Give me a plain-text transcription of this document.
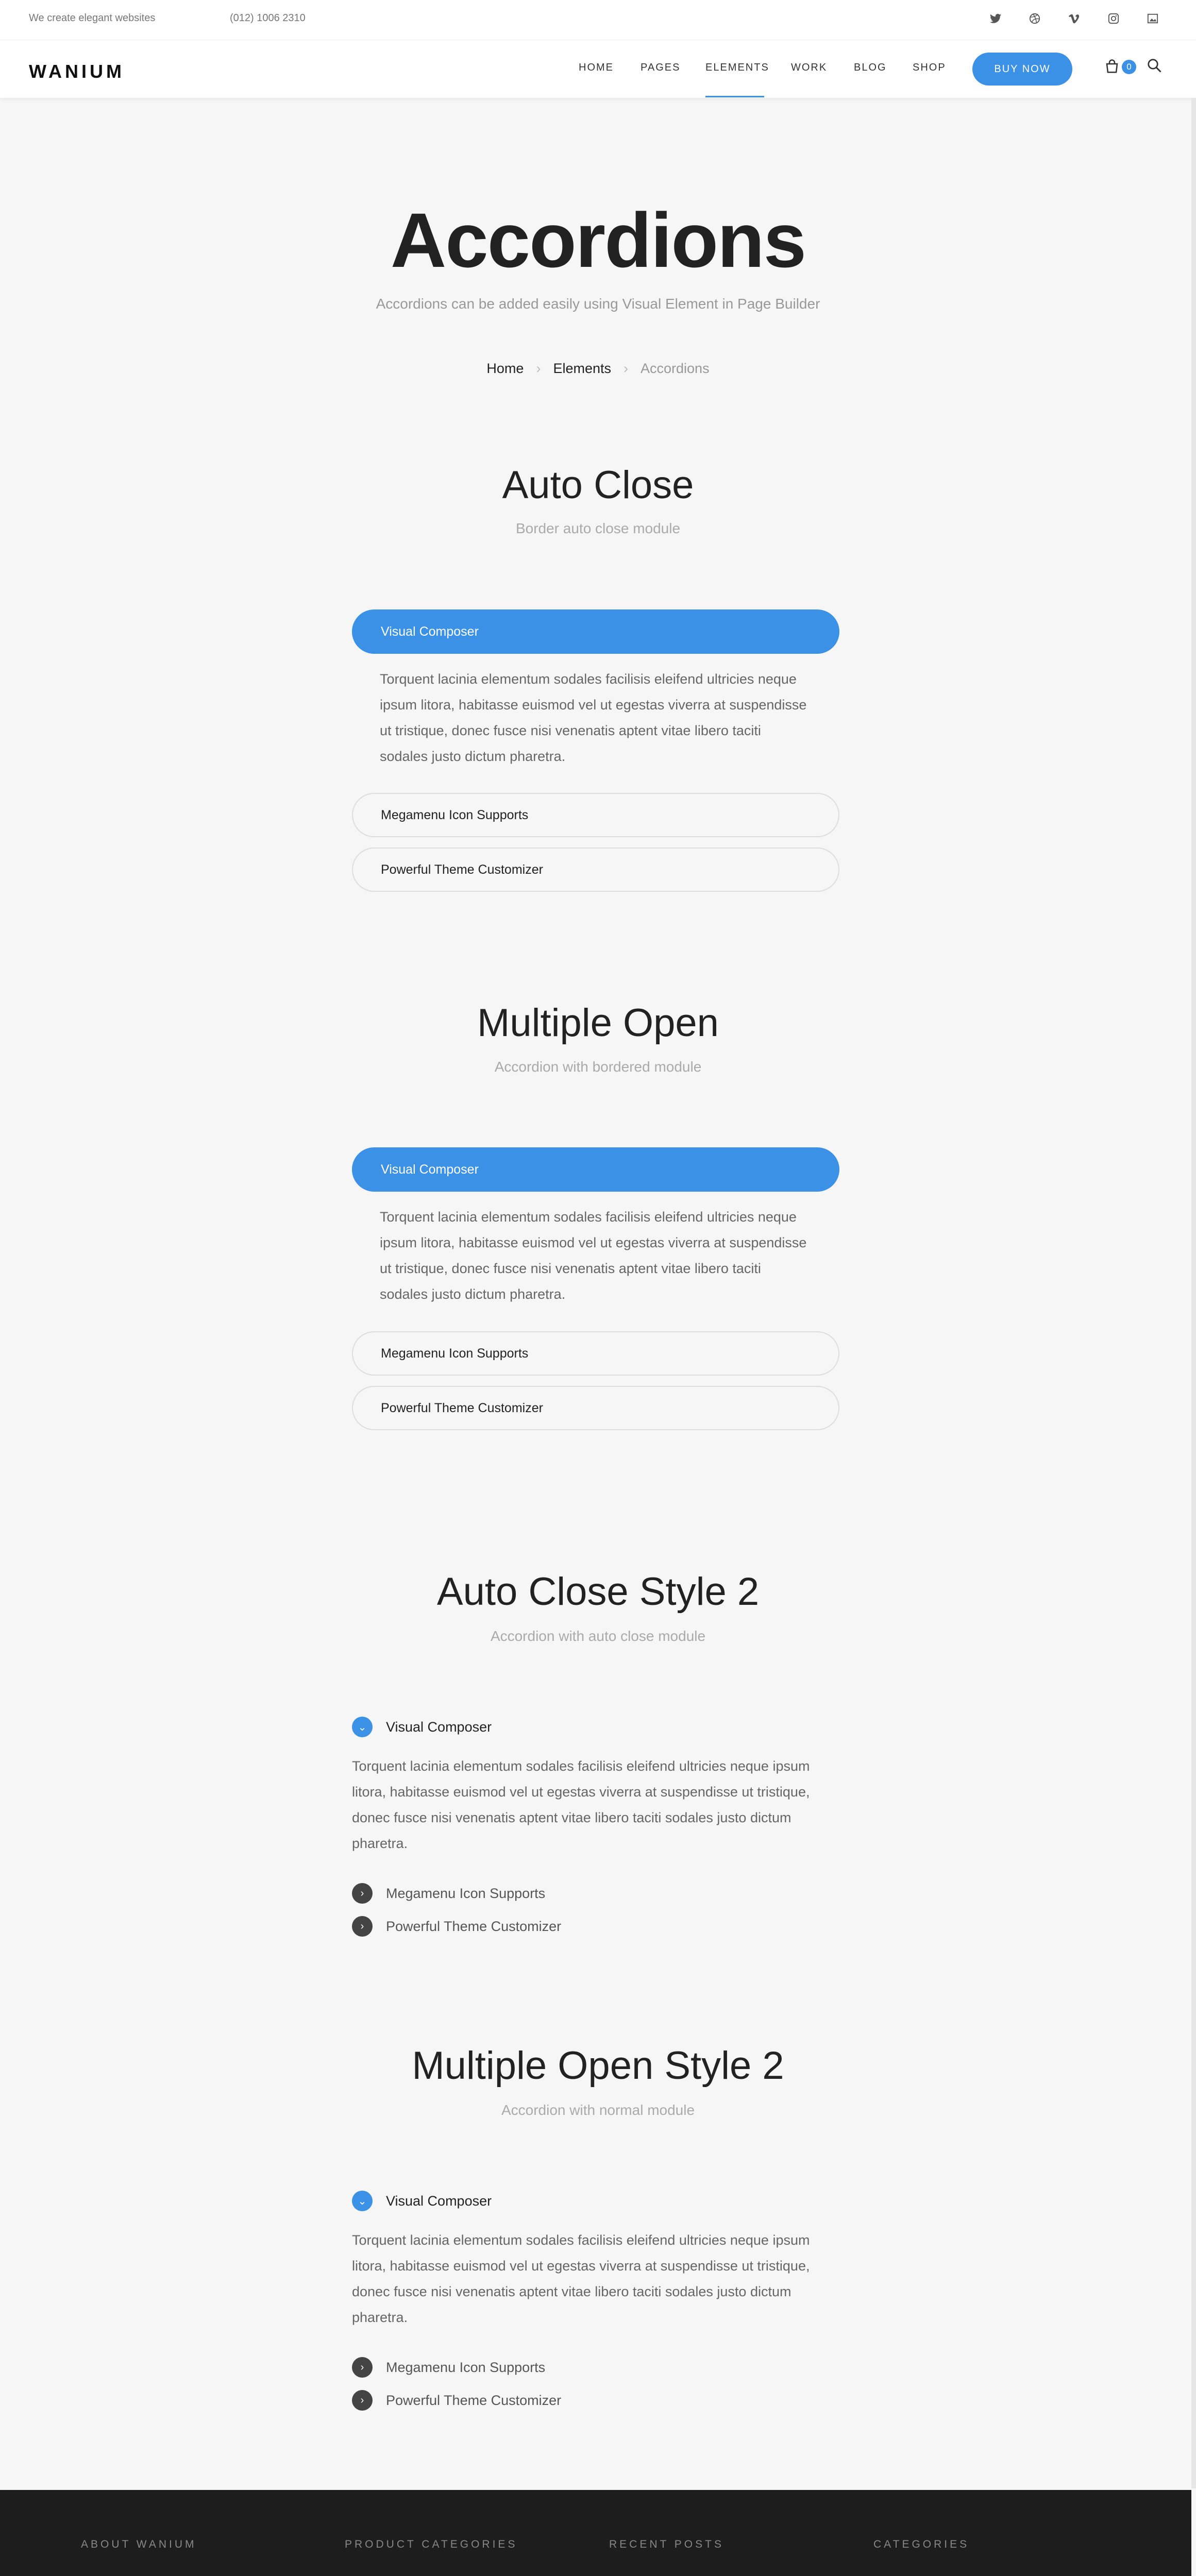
We create elegant websites	(012) 1006 2310
WANIUM	HOME	PAGES ELEMENTS WORK	BLOG	SHOP	BUY NOW	0
Accordions
Accordions can be added easily using Visual Element in Page Builder
Home › Elements › Accordions
Auto Close
Border auto close module
Visual Composer
Torquent lacinia elementum sodales facilisis eleifend ultricies neque ipsum litora, habitasse euismod vel ut egestas viverra at suspendisse ut tristique, donec fusce nisi venenatis aptent vitae libero taciti sodales justo dictum pharetra.
Megamenu Icon Supports
Powerful Theme Customizer
Multiple Open
Accordion with bordered module
Visual Composer
Torquent lacinia elementum sodales facilisis eleifend ultricies neque ipsum litora, habitasse euismod vel ut egestas viverra at suspendisse ut tristique, donec fusce nisi venenatis aptent vitae libero taciti sodales justo dictum pharetra.
Megamenu Icon Supports
Powerful Theme Customizer
Auto Close Style 2
Accordion with auto close module
⌄	Visual Composer
Torquent lacinia elementum sodales facilisis eleifend ultricies neque ipsum litora, habitasse euismod vel ut egestas viverra at suspendisse ut tristique, donec fusce nisi venenatis aptent vitae libero taciti sodales justo dictum pharetra.
›	Megamenu Icon Supports
›	Powerful Theme Customizer
Multiple Open Style 2
Accordion with normal module
⌄	Visual Composer
Torquent lacinia elementum sodales facilisis eleifend ultricies neque ipsum litora, habitasse euismod vel ut egestas viverra at suspendisse ut tristique, donec fusce nisi venenatis aptent vitae libero taciti sodales justo dictum pharetra.
›	Megamenu Icon Supports
›	Powerful Theme Customizer
ABOUT WANIUM	PRODUCT CATEGORIES	RECENT POSTS	CATEGORIES
